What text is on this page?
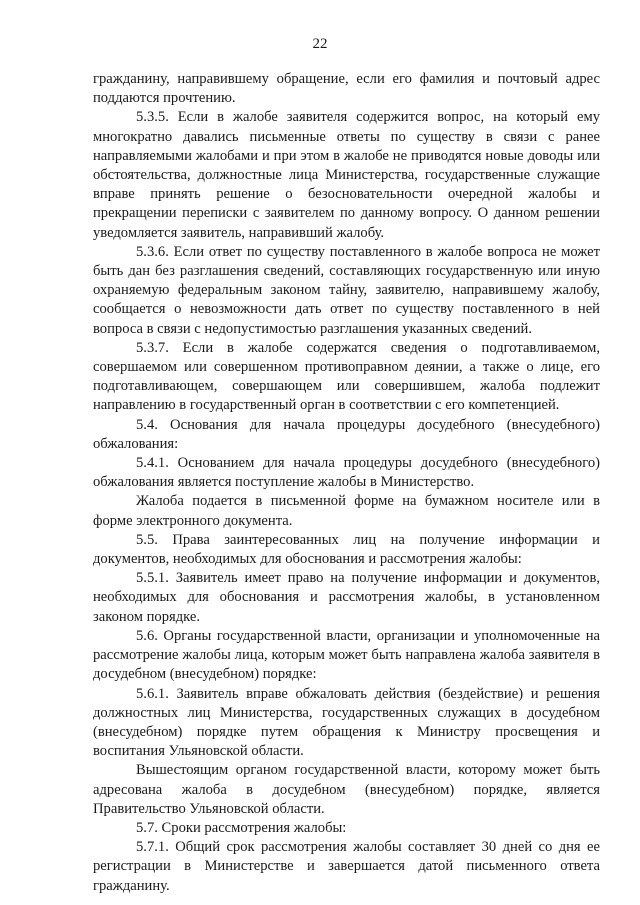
22

гражданину, направившему обращение, если его фамилия и почтовый адрес поддаются прочтению.

5.3.5. Если в жалобе заявителя содержится вопрос, на который ему многократно давались письменные ответы по существу в связи с ранее направляемыми жалобами и при этом в жалобе не приводятся новые доводы или обстоятельства, должностные лица Министерства, государственные служащие вправе принять решение о безосновательности очередной жалобы и прекращении переписки с заявителем по данному вопросу. О данном решении уведомляется заявитель, направивший жалобу.

5.3.6. Если ответ по существу поставленного в жалобе вопроса не может быть дан без разглашения сведений, составляющих государственную или иную охраняемую федеральным законом тайну, заявителю, направившему жалобу, сообщается о невозможности дать ответ по существу поставленного в ней вопроса в связи с недопустимостью разглашения указанных сведений.

5.3.7. Если в жалобе содержатся сведения о подготавливаемом, совершаемом или совершенном противоправном деянии, а также о лице, его подготавливающем, совершающем или совершившем, жалоба подлежит направлению в государственный орган в соответствии с его компетенцией.

5.4. Основания для начала процедуры досудебного (внесудебного) обжалования:

5.4.1. Основанием для начала процедуры досудебного (внесудебного) обжалования является поступление жалобы в Министерство.

Жалоба подается в письменной форме на бумажном носителе или в форме электронного документа.

5.5. Права заинтересованных лиц на получение информации и документов, необходимых для обоснования и рассмотрения жалобы:

5.5.1. Заявитель имеет право на получение информации и документов, необходимых для обоснования и рассмотрения жалобы, в установленном законом порядке.

5.6. Органы государственной власти, организации и уполномоченные на рассмотрение жалобы лица, которым может быть направлена жалоба заявителя в досудебном (внесудебном) порядке:

5.6.1. Заявитель вправе обжаловать действия (бездействие) и решения должностных лиц Министерства, государственных служащих в досудебном (внесудебном) порядке путем обращения к Министру просвещения и воспитания Ульяновской области.

Вышестоящим органом государственной власти, которому может быть адресована жалоба в досудебном (внесудебном) порядке, является Правительство Ульяновской области.

5.7. Сроки рассмотрения жалобы:

5.7.1. Общий срок рассмотрения жалобы составляет 30 дней со дня ее регистрации в Министерстве и завершается датой письменного ответа гражданину.
